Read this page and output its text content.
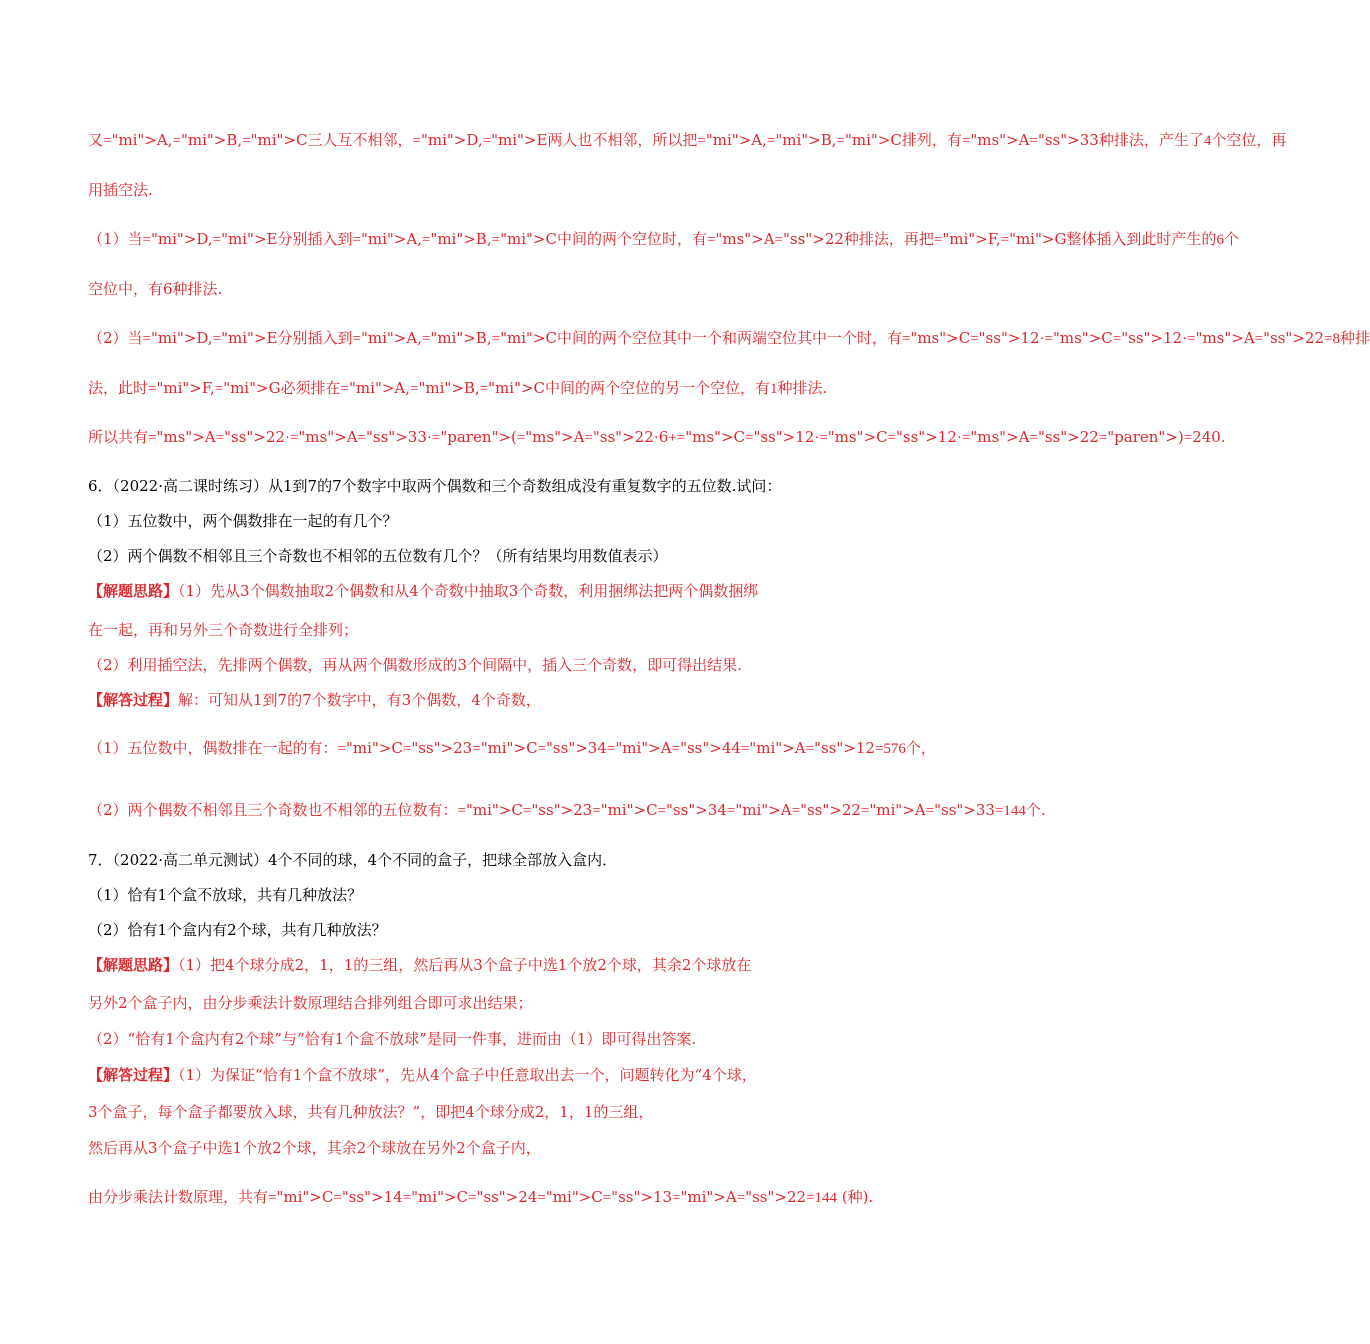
又="mi">A,="mi">B,="mi">C三人互不相邻，="mi">D,="mi">E两人也不相邻，所以把="mi">A,="mi">B,="mi">C排列，有="ms">A="ss">33种排法，产生了4个空位，再
用插空法.
（1）当="mi">D,="mi">E分别插入到="mi">A,="mi">B,="mi">C中间的两个空位时，有="ms">A="ss">22种排法，再把="mi">F,="mi">G整体插入到此时产生的6个
空位中，有6种排法.
（2）当="mi">D,="mi">E分别插入到="mi">A,="mi">B,="mi">C中间的两个空位其中一个和两端空位其中一个时，有="ms">C="ss">12·="ms">C="ss">12·="ms">A="ss">22=8种排
法，此时="mi">F,="mi">G必须排在="mi">A,="mi">B,="mi">C中间的两个空位的另一个空位，有1种排法.
所以共有="ms">A="ss">22·="ms">A="ss">33·="paren">(="ms">A="ss">22·6+="ms">C="ss">12·="ms">C="ss">12·="ms">A="ss">22="paren">)=240.
6．（2022·高二课时练习）从1到7的7个数字中取两个偶数和三个奇数组成没有重复数字的五位数.试问：
（1）五位数中，两个偶数排在一起的有几个？
（2）两个偶数不相邻且三个奇数也不相邻的五位数有几个？（所有结果均用数值表示）
【解题思路】（1）先从3个偶数抽取2个偶数和从4个奇数中抽取3个奇数，利用捆绑法把两个偶数捆绑
在一起，再和另外三个奇数进行全排列；
（2）利用插空法，先排两个偶数，再从两个偶数形成的3个间隔中，插入三个奇数，即可得出结果.
【解答过程】解：可知从1到7的7个数字中，有3个偶数，4个奇数，
（1）五位数中，偶数排在一起的有：="mi">C="ss">23="mi">C="ss">34="mi">A="ss">44="mi">A="ss">12=576个，
（2）两个偶数不相邻且三个奇数也不相邻的五位数有：="mi">C="ss">23="mi">C="ss">34="mi">A="ss">22="mi">A="ss">33=144个.
7．（2022·高二单元测试）4个不同的球，4个不同的盒子，把球全部放入盒内．
（1）恰有1个盒不放球，共有几种放法？
（2）恰有1个盒内有2个球，共有几种放法？
【解题思路】（1）把4个球分成2，1，1的三组，然后再从3个盒子中选1个放2个球，其余2个球放在
另外2个盒子内，由分步乘法计数原理结合排列组合即可求出结果；
（2）“恰有1个盒内有2个球”与“恰有1个盒不放球”是同一件事，进而由（1）即可得出答案.
【解答过程】（1）为保证“恰有1个盒不放球”，先从4个盒子中任意取出去一个，问题转化为“4个球，
3个盒子，每个盒子都要放入球，共有几种放法？”，即把4个球分成2，1，1的三组，
然后再从3个盒子中选1个放2个球，其余2个球放在另外2个盒子内，
由分步乘法计数原理，共有="mi">C="ss">14="mi">C="ss">24="mi">C="ss">13="mi">A="ss">22=144 (种).
